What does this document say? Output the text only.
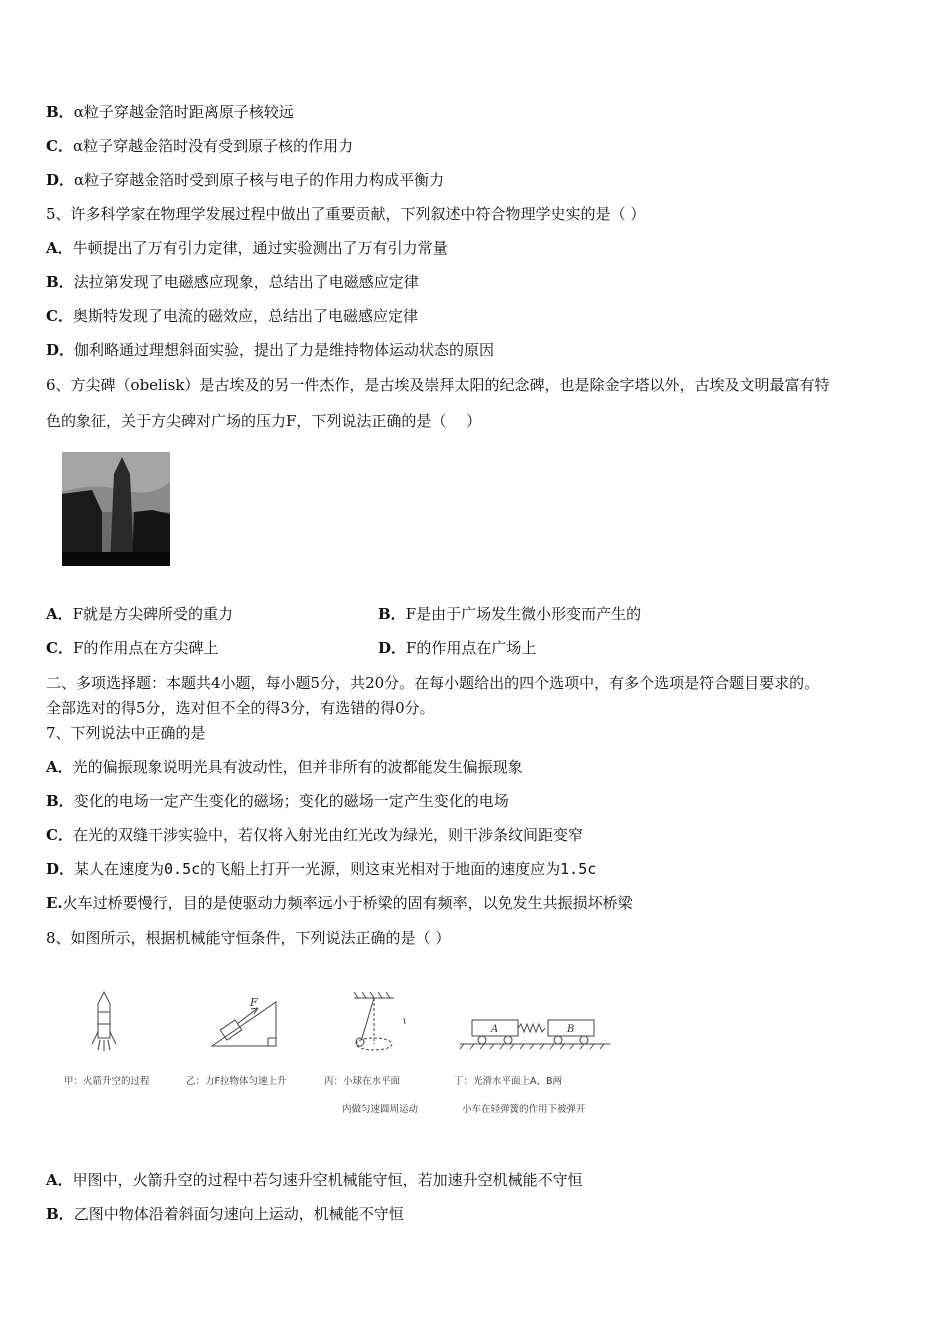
B．α粒子穿越金箔时距离原子核较远
C．α粒子穿越金箔时没有受到原子核的作用力
D．α粒子穿越金箔时受到原子核与电子的作用力构成平衡力
5、许多科学家在物理学发展过程中做出了重要贡献，下列叙述中符合物理学史实的是（ ）
A．牛顿提出了万有引力定律，通过实验测出了万有引力常量
B．法拉第发现了电磁感应现象，总结出了电磁感应定律
C．奥斯特发现了电流的磁效应，总结出了电磁感应定律
D．伽利略通过理想斜面实验，提出了力是维持物体运动状态的原因
6、方尖碑（obelisk）是古埃及的另一件杰作，是古埃及崇拜太阳的纪念碑，也是除金字塔以外，古埃及文明最富有特
色的象征，关于方尖碑对广场的压力F，下列说法正确的是（　 ）
A．F就是方尖碑所受的重力	B．F是由于广场发生微小形变而产生的
C．F的作用点在方尖碑上	D．F的作用点在广场上
二、多项选择题：本题共4小题，每小题5分，共20分。在每小题给出的四个选项中，有多个选项是符合题目要求的。
全部选对的得5分，选对但不全的得3分，有选错的得0分。
7、下列说法中正确的是
A．光的偏振现象说明光具有波动性，但并非所有的波都能发生偏振现象
B．变化的电场一定产生变化的磁场；变化的磁场一定产生变化的电场
C．在光的双缝干涉实验中，若仅将入射光由红光改为绿光，则干涉条纹间距变窄
D．某人在速度为0.5c的飞船上打开一光源，则这束光相对于地面的速度应为1.5c
E.火车过桥要慢行，目的是使驱动力频率远小于桥梁的固有频率，以免发生共振损坏桥梁
8、如图所示，根据机械能守恒条件，下列说法正确的是（ ）
F
A	B
甲：火箭升空的过程	乙：力F拉物体匀速上升	丙：小球在水平面
内做匀速圆周运动
丁：光滑水平面上A、B两
小车在轻弹簧的作用下被弹开
A．甲图中，火箭升空的过程中若匀速升空机械能守恒，若加速升空机械能不守恒
B．乙图中物体沿着斜面匀速向上运动，机械能不守恒
